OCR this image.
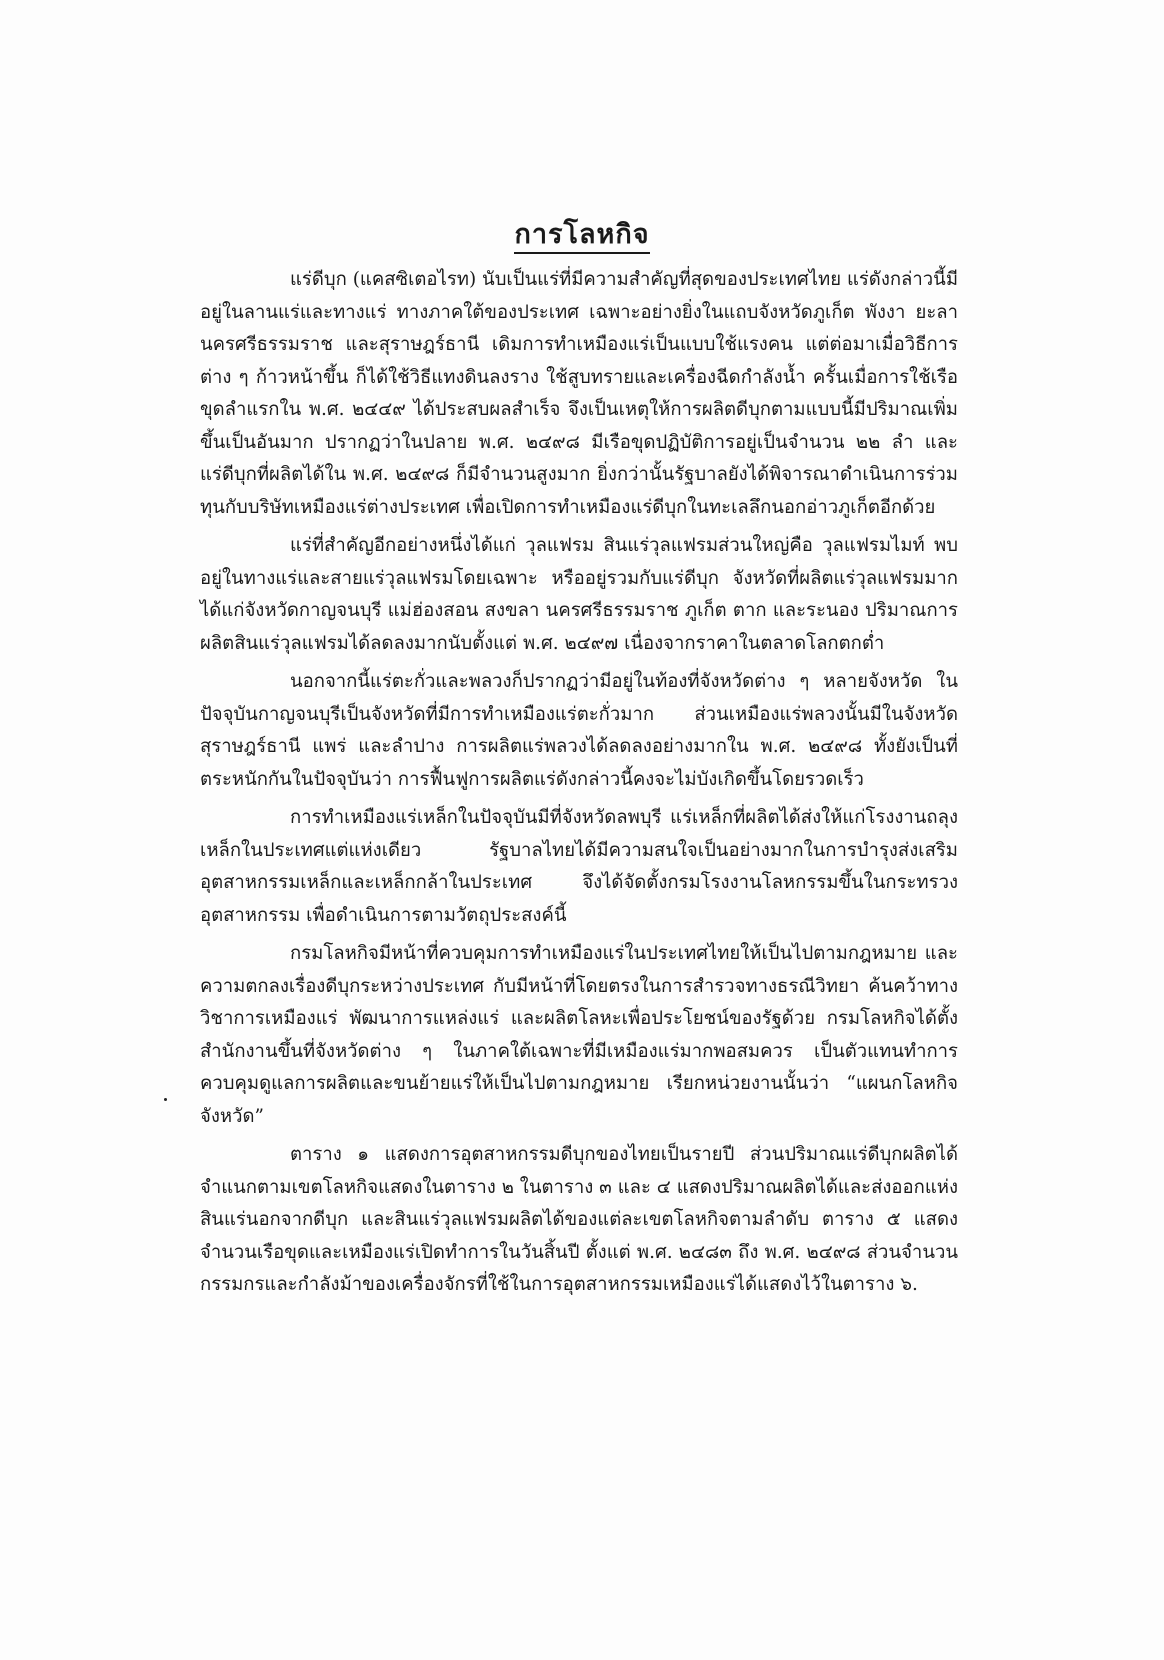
การโลหกิจ

แร่ดีบุก (แคสซิเตอไรท) นับเป็นแร่ที่มีความสำคัญที่สุดของประเทศไทย แร่ดังกล่าวนี้มีอยู่ในลานแร่และทางแร่ ทางภาคใต้ของประเทศ เฉพาะอย่างยิ่งในแถบจังหวัดภูเก็ต พังงา ยะลา นครศรีธรรมราช และสุราษฎร์ธานี เดิมการทำเหมืองแร่เป็นแบบใช้แรงคน แต่ต่อมาเมื่อวิธีการต่าง ๆ ก้าวหน้าขึ้น ก็ได้ใช้วิธีแทงดินลงราง ใช้สูบทรายและเครื่องฉีดกำลังน้ำ ครั้นเมื่อการใช้เรือขุดลำแรกใน พ.ศ. ๒๔๔๙ ได้ประสบผลสำเร็จ จึงเป็นเหตุให้การผลิตดีบุกตามแบบนี้มีปริมาณเพิ่มขึ้นเป็นอันมาก ปรากฏว่าในปลาย พ.ศ. ๒๔๙๘ มีเรือขุดปฏิบัติการอยู่เป็นจำนวน ๒๒ ลำ และแร่ดีบุกที่ผลิตได้ใน พ.ศ. ๒๔๙๘ ก็มีจำนวนสูงมาก ยิ่งกว่านั้นรัฐบาลยังได้พิจารณาดำเนินการร่วมทุนกับบริษัทเหมืองแร่ต่างประเทศ เพื่อเปิดการทำเหมืองแร่ดีบุกในทะเลลึกนอกอ่าวภูเก็ตอีกด้วย

แร่ที่สำคัญอีกอย่างหนึ่งได้แก่ วุลแฟรม สินแร่วุลแฟรมส่วนใหญ่คือ วุลแฟรมไมท์ พบอยู่ในทางแร่และสายแร่วุลแฟรมโดยเฉพาะ หรืออยู่รวมกับแร่ดีบุก จังหวัดที่ผลิตแร่วุลแฟรมมากได้แก่จังหวัดกาญจนบุรี แม่ฮ่องสอน สงขลา นครศรีธรรมราช ภูเก็ต ตาก และระนอง ปริมาณการผลิตสินแร่วุลแฟรมได้ลดลงมากนับตั้งแต่ พ.ศ. ๒๔๙๗ เนื่องจากราคาในตลาดโลกตกต่ำ

นอกจากนี้แร่ตะกั่วและพลวงก็ปรากฏว่ามีอยู่ในท้องที่จังหวัดต่าง ๆ หลายจังหวัด ในปัจจุบันกาญจนบุรีเป็นจังหวัดที่มีการทำเหมืองแร่ตะกั่วมาก ส่วนเหมืองแร่พลวงนั้นมีในจังหวัดสุราษฎร์ธานี แพร่ และลำปาง การผลิตแร่พลวงได้ลดลงอย่างมากใน พ.ศ. ๒๔๙๘ ทั้งยังเป็นที่ตระหนักกันในปัจจุบันว่า การฟื้นฟูการผลิตแร่ดังกล่าวนี้คงจะไม่บังเกิดขึ้นโดยรวดเร็ว

การทำเหมืองแร่เหล็กในปัจจุบันมีที่จังหวัดลพบุรี แร่เหล็กที่ผลิตได้ส่งให้แก่โรงงานถลุงเหล็กในประเทศแต่แห่งเดียว รัฐบาลไทยได้มีความสนใจเป็นอย่างมากในการบำรุงส่งเสริมอุตสาหกรรมเหล็กและเหล็กกล้าในประเทศ จึงได้จัดตั้งกรมโรงงานโลหกรรมขึ้นในกระทรวงอุตสาหกรรม เพื่อดำเนินการตามวัตถุประสงค์นี้

กรมโลหกิจมีหน้าที่ควบคุมการทำเหมืองแร่ในประเทศไทยให้เป็นไปตามกฎหมาย และความตกลงเรื่องดีบุกระหว่างประเทศ กับมีหน้าที่โดยตรงในการสำรวจทางธรณีวิทยา ค้นคว้าทางวิชาการเหมืองแร่ พัฒนาการแหล่งแร่ และผลิตโลหะเพื่อประโยชน์ของรัฐด้วย กรมโลหกิจได้ตั้งสำนักงานขึ้นที่จังหวัดต่าง ๆ ในภาคใต้เฉพาะที่มีเหมืองแร่มากพอสมควร เป็นตัวแทนทำการควบคุมดูแลการผลิตและขนย้ายแร่ให้เป็นไปตามกฎหมาย เรียกหน่วยงานนั้นว่า “แผนกโลหกิจจังหวัด”

ตาราง ๑ แสดงการอุตสาหกรรมดีบุกของไทยเป็นรายปี ส่วนปริมาณแร่ดีบุกผลิตได้จำแนกตามเขตโลหกิจแสดงในตาราง ๒ ในตาราง ๓ และ ๔ แสดงปริมาณผลิตได้และส่งออกแห่งสินแร่นอกจากดีบุก และสินแร่วุลแฟรมผลิตได้ของแต่ละเขตโลหกิจตามลำดับ ตาราง ๕ แสดงจำนวนเรือขุดและเหมืองแร่เปิดทำการในวันสิ้นปี ตั้งแต่ พ.ศ. ๒๔๘๓ ถึง พ.ศ. ๒๔๙๘ ส่วนจำนวนกรรมกรและกำลังม้าของเครื่องจักรที่ใช้ในการอุตสาหกรรมเหมืองแร่ได้แสดงไว้ในตาราง ๖.
